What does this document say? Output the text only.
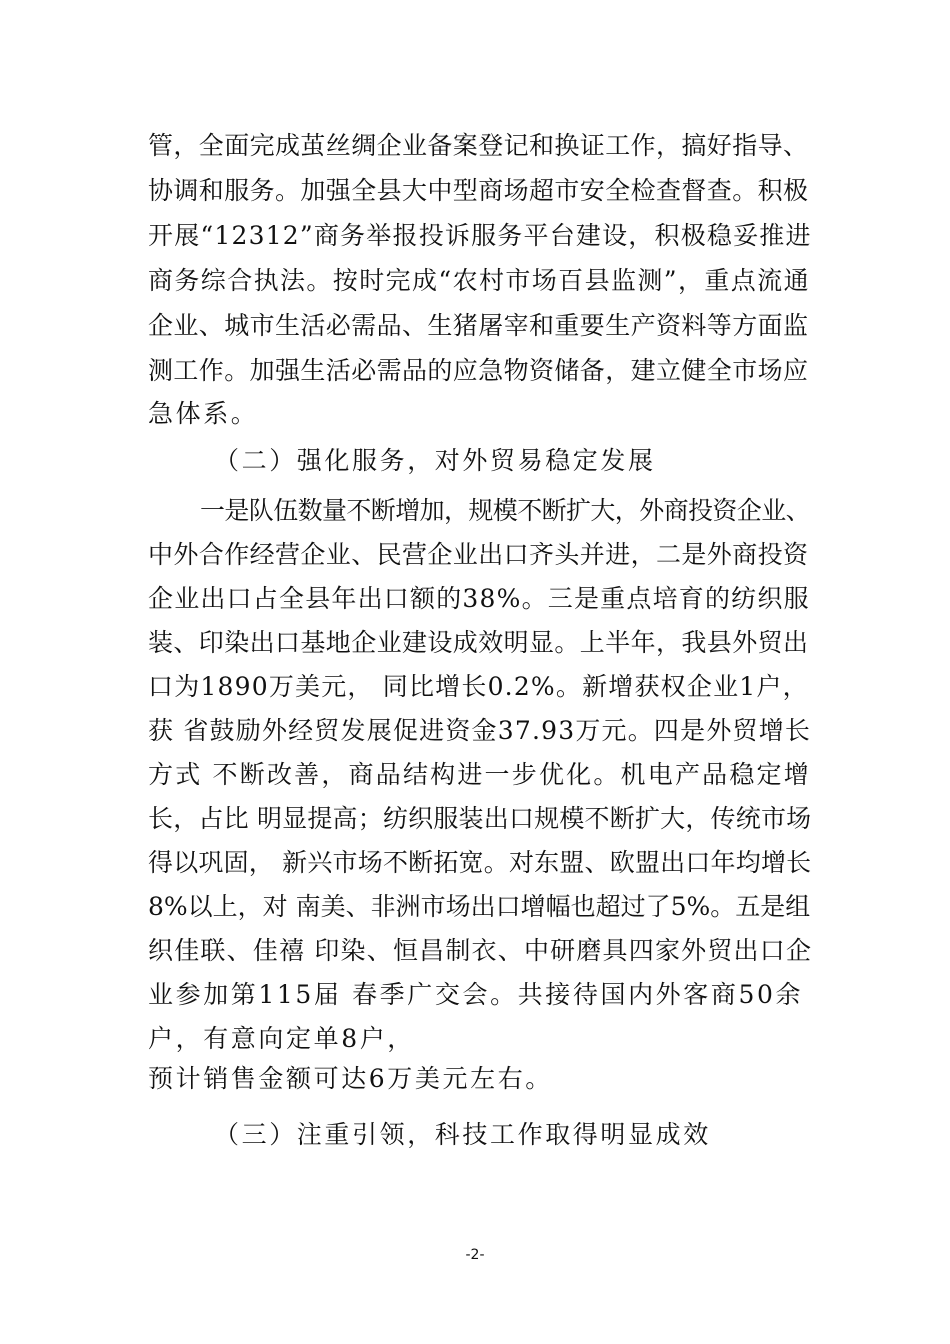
管，全面完成茧丝绸企业备案登记和换证工作，搞好指导、
协调和服务。加强全县大中型商场超市安全检查督查。积极
开展“12312”商务举报投诉服务平台建设，积极稳妥推进
商务综合执法。按时完成“农村市场百县监测”，重点流通
企业、城市生活必需品、生猪屠宰和重要生产资料等方面监
测工作。加强生活必需品的应急物资储备，建立健全市场应
急体系。
（二）强化服务，对外贸易稳定发展
一是队伍数量不断增加，规模不断扩大，外商投资企业、
中外合作经营企业、民营企业出口齐头并进，二是外商投资
企业出口占全县年出口额的38%。三是重点培育的纺织服
装、印染出口基地企业建设成效明显。上半年，我县外贸出
口为1890万美元， 同比增长0.2%。新增获权企业1户，
获 省鼓励外经贸发展促进资金37.93万元。四是外贸增长
方式 不断改善，商品结构进一步优化。机电产品稳定增
长，占比 明显提高；纺织服装出口规模不断扩大，传统市场
得以巩固， 新兴市场不断拓宽。对东盟、欧盟出口年均增长
8%以上，对 南美、非洲市场出口增幅也超过了5%。五是组
织佳联、佳禧 印染、恒昌制衣、中研磨具四家外贸出口企
业参加第115届 春季广交会。共接待国内外客商50余
户，有意向定单8户，
预计销售金额可达6万美元左右。
（三）注重引领，科技工作取得明显成效
-2-
